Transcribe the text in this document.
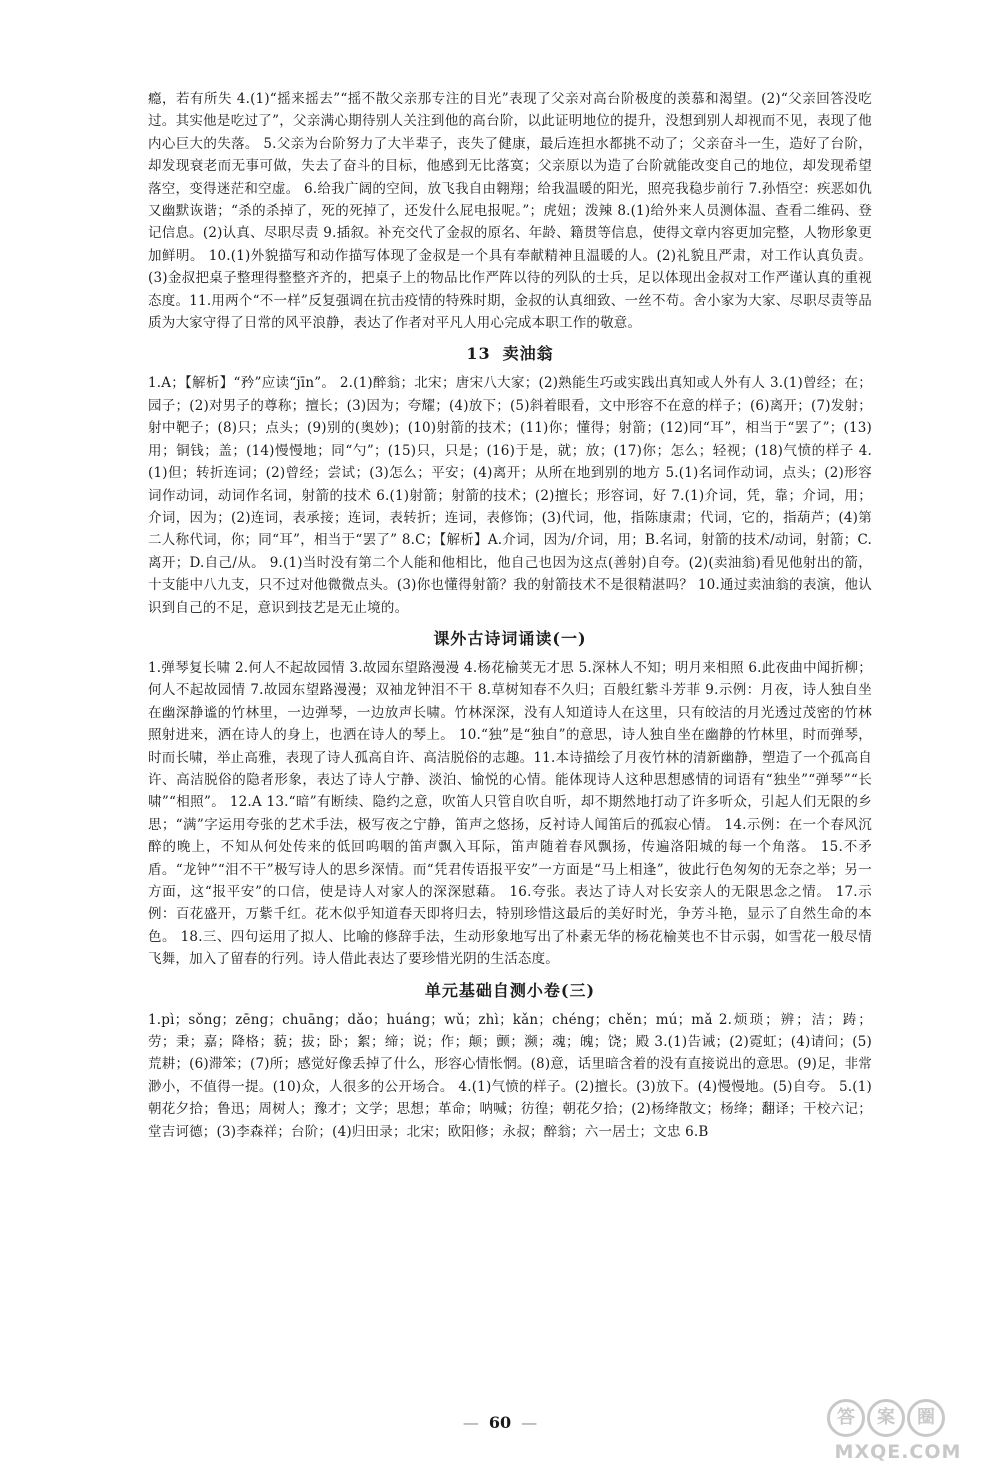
瘾，若有所失 4.(1)“摇来摇去”“摇不散父亲那专注的目光”表现了父亲对高台阶极度的羡慕和渴望。(2)“父亲回答没吃过。其实他是吃过了”，父亲满心期待别人关注到他的高台阶，以此证明地位的提升，没想到别人却视而不见，表现了他内心巨大的失落。 5.父亲为台阶努力了大半辈子，丧失了健康，最后连担水都挑不动了；父亲奋斗一生，造好了台阶，却发现衰老而无事可做，失去了奋斗的目标，他感到无比落寞；父亲原以为造了台阶就能改变自己的地位，却发现希望落空，变得迷茫和空虚。 6.给我广阔的空间，放飞我自由翱翔；给我温暖的阳光，照亮我稳步前行 7.孙悟空：疾恶如仇又幽默诙谐；“杀的杀掉了，死的死掉了，还发什么屁电报呢。”；虎妞；泼辣 8.(1)给外来人员测体温、查看二维码、登记信息。(2)认真、尽职尽责 9.插叙。补充交代了金叔的原名、年龄、籍贯等信息，使得文章内容更加完整，人物形象更加鲜明。 10.(1)外貌描写和动作描写体现了金叔是一个具有奉献精神且温暖的人。(2)礼貌且严肃，对工作认真负责。(3)金叔把桌子整理得整整齐齐的，把桌子上的物品比作严阵以待的列队的士兵，足以体现出金叔对工作严谨认真的重视态度。11.用两个“不一样”反复强调在抗击疫情的特殊时期，金叔的认真细致、一丝不苟。舍小家为大家、尽职尽责等品质为大家守得了日常的风平浪静，表达了作者对平凡人用心完成本职工作的敬意。

13 卖油翁

1.A；【解析】“矜”应读“jīn”。 2.(1)醉翁；北宋；唐宋八大家；(2)熟能生巧或实践出真知或人外有人 3.(1)曾经；在；园子；(2)对男子的尊称；擅长；(3)因为；夸耀；(4)放下；(5)斜着眼看，文中形容不在意的样子；(6)离开；(7)发射；射中靶子；(8)只；点头；(9)别的(奥妙)；(10)射箭的技术；(11)你；懂得；射箭；(12)同“耳”，相当于“罢了”；(13)用；铜钱；盖；(14)慢慢地；同“勺”；(15)只，只是；(16)于是，就；放；(17)你；怎么；轻视；(18)气愤的样子 4.(1)但；转折连词；(2)曾经；尝试；(3)怎么；平安；(4)离开；从所在地到别的地方 5.(1)名词作动词，点头；(2)形容词作动词，动词作名词，射箭的技术 6.(1)射箭；射箭的技术；(2)擅长；形容词，好 7.(1)介词，凭，靠；介词，用；介词，因为；(2)连词，表承接；连词，表转折；连词，表修饰；(3)代词，他，指陈康肃；代词，它的，指葫芦；(4)第二人称代词，你；同“耳”，相当于“罢了” 8.C；【解析】A.介词，因为/介词，用；B.名词，射箭的技术/动词，射箭；C.离开；D.自己/从。 9.(1)当时没有第二个人能和他相比，他自己也因为这点(善射)自夸。(2)(卖油翁)看见他射出的箭，十支能中八九支，只不过对他微微点头。(3)你也懂得射箭？我的射箭技术不是很精湛吗？ 10.通过卖油翁的表演，他认识到自己的不足，意识到技艺是无止境的。

课外古诗词诵读(一)

1.弹琴复长啸 2.何人不起故园情 3.故园东望路漫漫 4.杨花榆荚无才思 5.深林人不知；明月来相照 6.此夜曲中闻折柳；何人不起故园情 7.故园东望路漫漫；双袖龙钟泪不干 8.草树知春不久归；百般红紫斗芳菲 9.示例：月夜，诗人独自坐在幽深静谧的竹林里，一边弹琴，一边放声长啸。竹林深深，没有人知道诗人在这里，只有皎洁的月光透过茂密的竹林照射进来，洒在诗人的身上，也洒在诗人的琴上。 10.“独”是“独自”的意思，诗人独自坐在幽静的竹林里，时而弹琴，时而长啸，举止高雅，表现了诗人孤高自许、高洁脱俗的志趣。11.本诗描绘了月夜竹林的清新幽静，塑造了一个孤高自许、高洁脱俗的隐者形象，表达了诗人宁静、淡泊、愉悦的心情。能体现诗人这种思想感情的词语有“独坐”“弹琴”“长啸”“相照”。 12.A 13.“暗”有断续、隐约之意，吹笛人只管自吹自听，却不期然地打动了许多听众，引起人们无限的乡思；“满”字运用夸张的艺术手法，极写夜之宁静，笛声之悠扬，反衬诗人闻笛后的孤寂心情。 14.示例：在一个春风沉醉的晚上，不知从何处传来的低回呜咽的笛声飘入耳际，笛声随着春风飘扬，传遍洛阳城的每一个角落。 15.不矛盾。“龙钟”“泪不干”极写诗人的思乡深情。而“凭君传语报平安”一方面是“马上相逢”，彼此行色匆匆的无奈之举；另一方面，这“报平安”的口信，使是诗人对家人的深深慰藉。 16.夸张。表达了诗人对长安亲人的无限思念之情。 17.示例：百花盛开，万紫千红。花木似乎知道春天即将归去，特别珍惜这最后的美好时光，争芳斗艳，显示了自然生命的本色。 18.三、四句运用了拟人、比喻的修辞手法，生动形象地写出了朴素无华的杨花榆荚也不甘示弱，如雪花一般尽情飞舞，加入了留春的行列。诗人借此表达了要珍惜光阴的生活态度。

单元基础自测小卷(三)

1.pì；sǒng；zēng；chuāng；dǎo；huáng；wǔ；zhì；kǎn；chéng；chěn；mú；mǎ 2.烦琐；辨；洁；踌；劳；秉；嘉；降格；藐；拔；卧；絮；缔；说；作；颠；颤；濒；魂；魄；饶；殿 3.(1)告诫；(2)霓虹；(4)请问；(5)荒耕；(6)滞笨；(7)所；感觉好像丢掉了什么，形容心情怅惘。(8)意，话里暗含着的没有直接说出的意思。(9)足，非常渺小，不值得一提。(10)众，人很多的公开场合。 4.(1)气愤的样子。(2)擅长。(3)放下。(4)慢慢地。(5)自夸。 5.(1)朝花夕拾；鲁迅；周树人；豫才；文学；思想；革命；呐喊；彷徨；朝花夕拾；(2)杨绛散文；杨绛；翻译；干校六记；堂吉诃德；(3)李森祥；台阶；(4)归田录；北宋；欧阳修；永叔；醉翁；六一居士；文忠 6.B

— 60 —	答	案	圈
MXQE.COM
